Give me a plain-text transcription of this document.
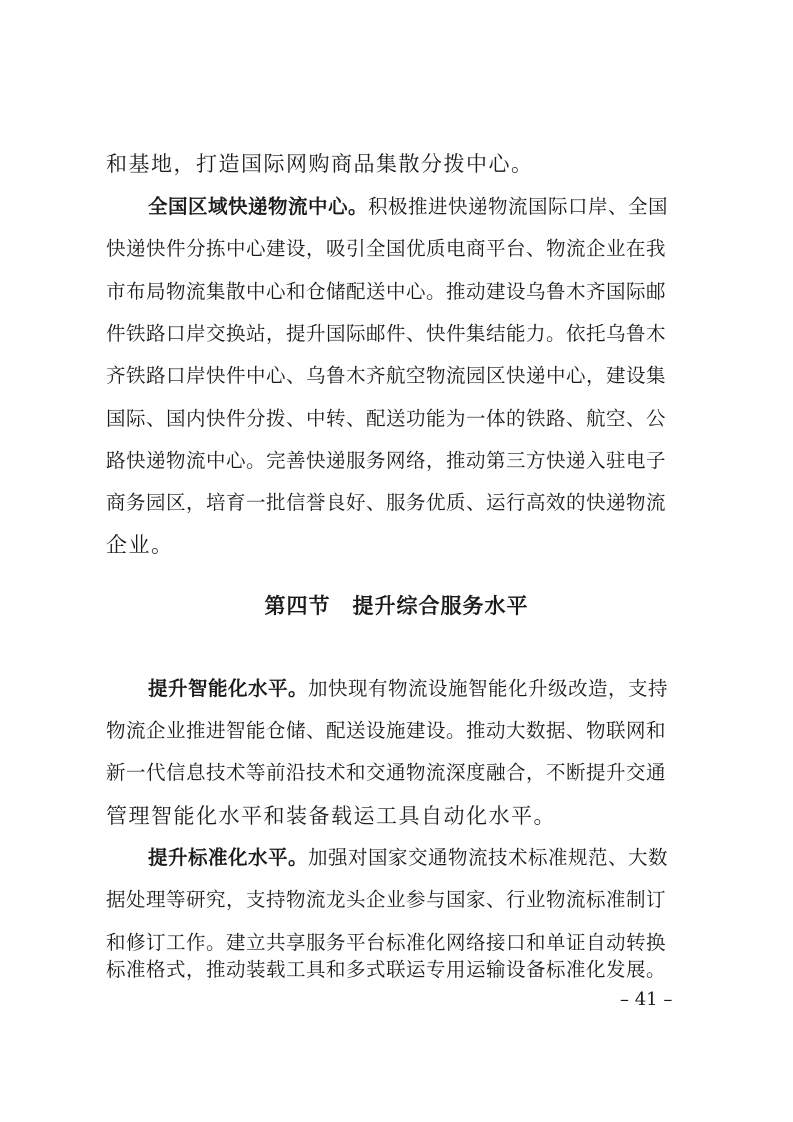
和基地，打造国际网购商品集散分拨中心。
全国区域快递物流中心。积极推进快递物流国际口岸、全国
快递快件分拣中心建设，吸引全国优质电商平台、物流企业在我
市布局物流集散中心和仓储配送中心。推动建设乌鲁木齐国际邮
件铁路口岸交换站，提升国际邮件、快件集结能力。依托乌鲁木
齐铁路口岸快件中心、乌鲁木齐航空物流园区快递中心，建设集
国际、国内快件分拨、中转、配送功能为一体的铁路、航空、公
路快递物流中心。完善快递服务网络，推动第三方快递入驻电子
商务园区，培育一批信誉良好、服务优质、运行高效的快递物流
企业。
第四节 提升综合服务水平
提升智能化水平。加快现有物流设施智能化升级改造，支持
物流企业推进智能仓储、配送设施建设。推动大数据、物联网和
新一代信息技术等前沿技术和交通物流深度融合，不断提升交通
管理智能化水平和装备载运工具自动化水平。
提升标准化水平。加强对国家交通物流技术标准规范、大数
据处理等研究，支持物流龙头企业参与国家、行业物流标准制订
和修订工作。建立共享服务平台标准化网络接口和单证自动转换
标准格式，推动装载工具和多式联运专用运输设备标准化发展。
– 41 –
